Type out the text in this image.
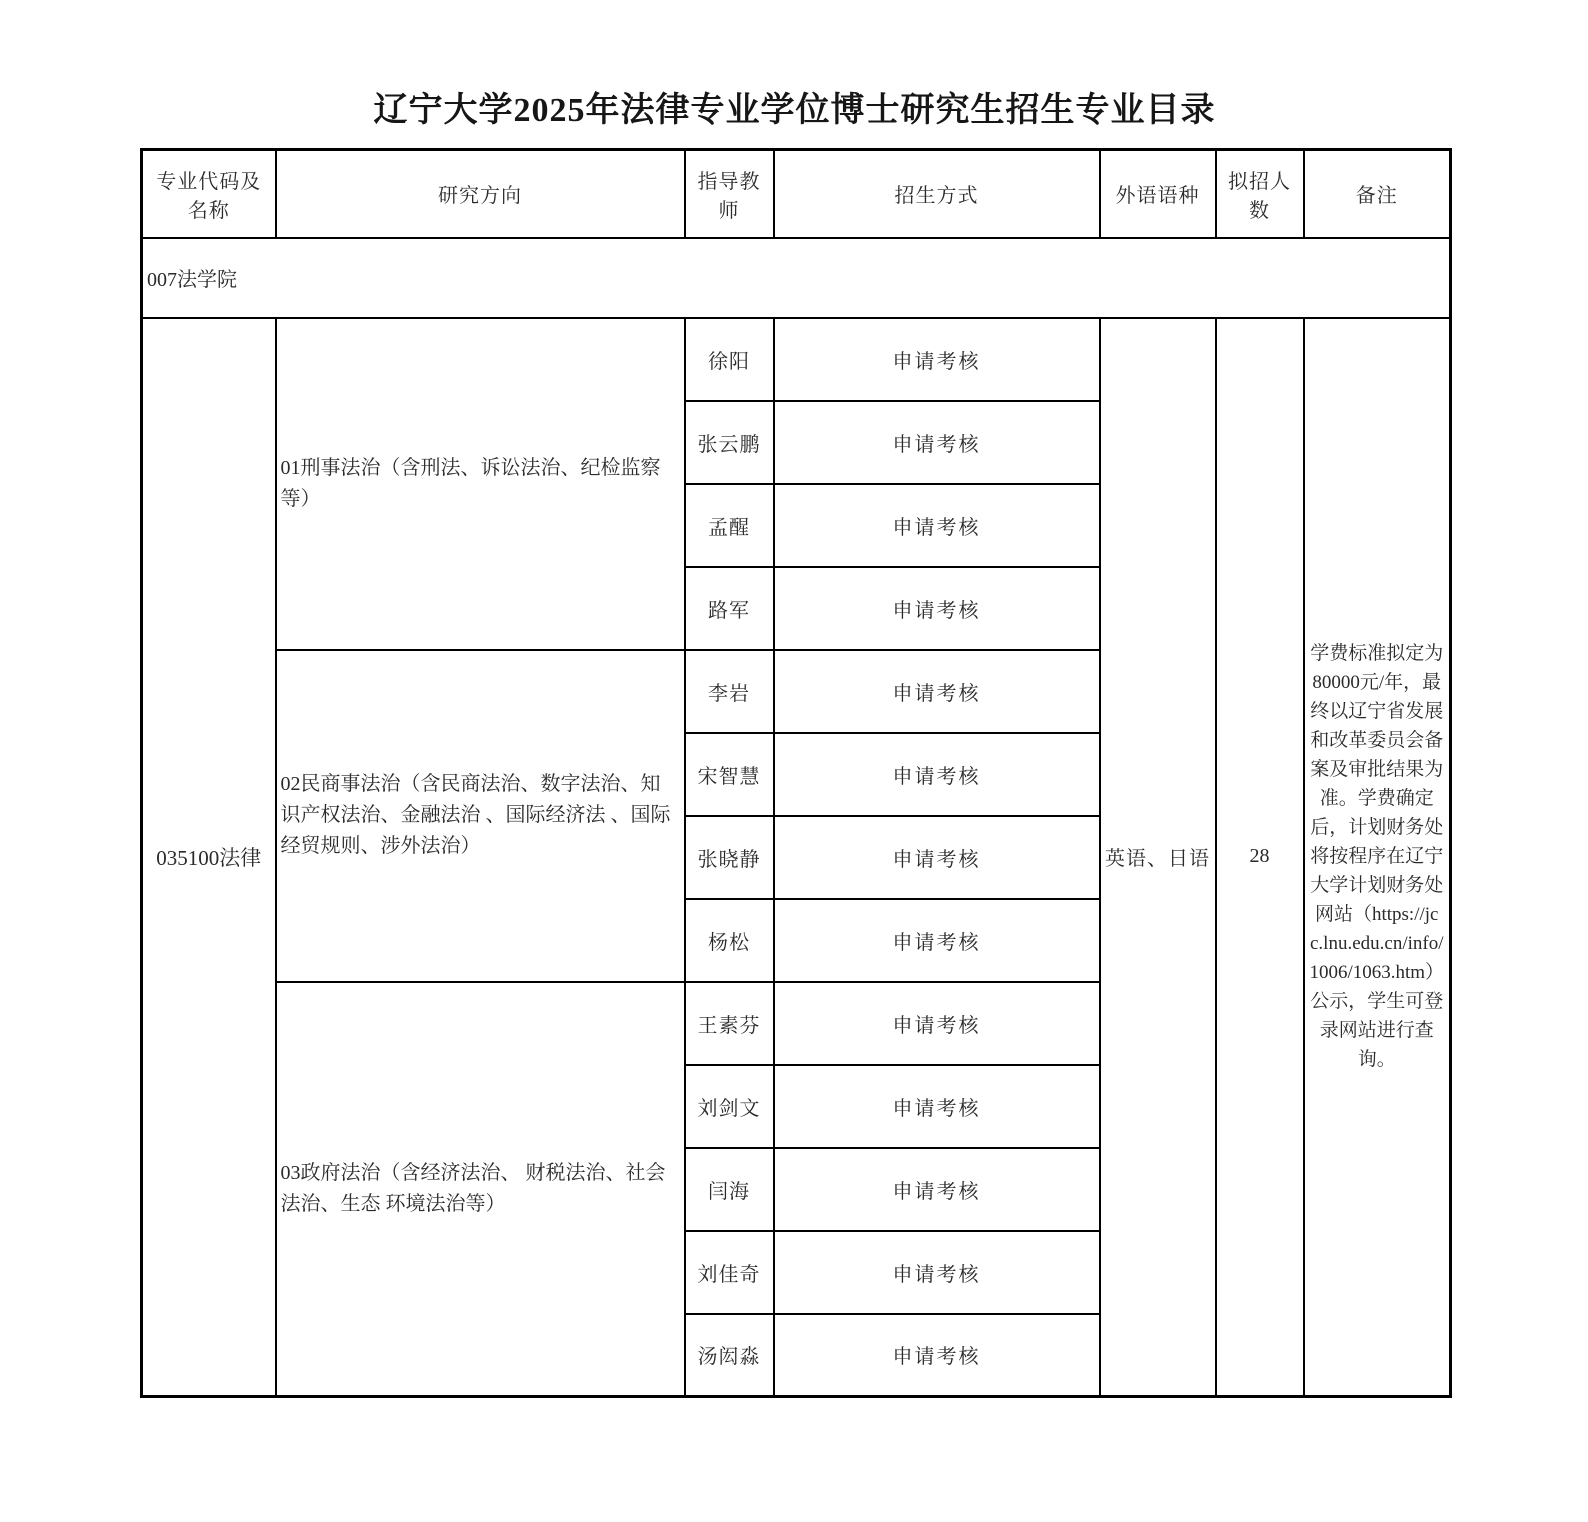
辽宁大学2025年法律专业学位博士研究生招生专业目录
专业代码及名称	研究方向	指导教师	招生方式	外语语种	拟招人数	备注
007法学院						
035100法律	01刑事法治（含刑法、诉讼法治、纪检监察等）	徐阳	申请考核	英语、日语	28	学费标准拟定为80000元/年，最终以辽宁省发展和改革委员会备案及审批结果为准。学费确定后，计划财务处将按程序在辽宁大学计划财务处网站（https://jcc.lnu.edu.cn/info/1006/1063.htm）公示，学生可登录网站进行查询。
		张云鹏	申请考核			
		孟醒	申请考核			
		路军	申请考核			
	02民商事法治（含民商法治、数字法治、知识产权法治、金融法治 、国际经济法 、国际经贸规则、涉外法治）	李岩	申请考核			
		宋智慧	申请考核			
		张晓静	申请考核			
		杨松	申请考核			
	03政府法治（含经济法治、 财税法治、社会法治、生态 环境法治等）	王素芬	申请考核			
		刘剑文	申请考核			
		闫海	申请考核			
		刘佳奇	申请考核			
		汤闳淼	申请考核			
